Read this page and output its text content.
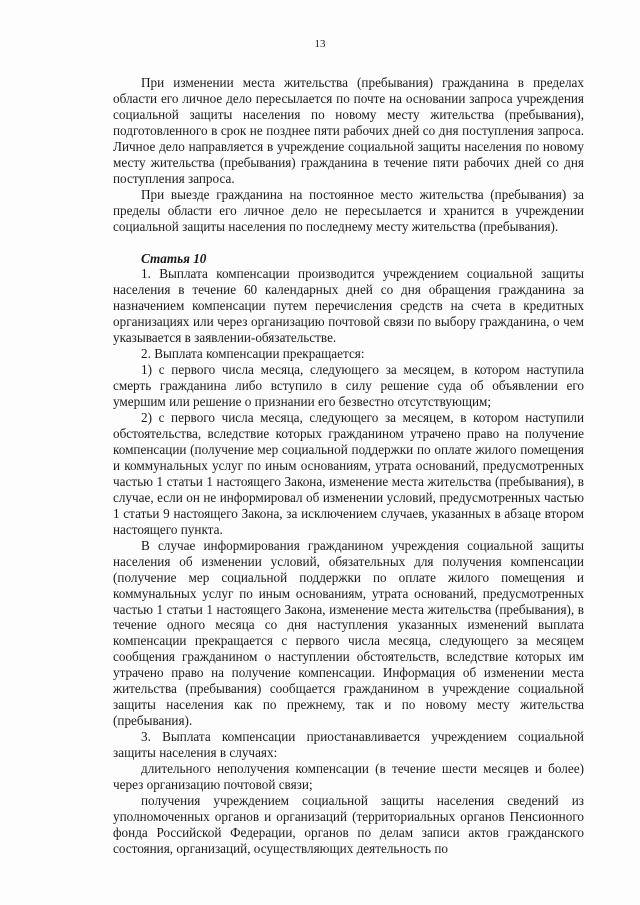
13

При изменении места жительства (пребывания) гражданина в пределах области его личное дело пересылается по почте на основании запроса учреждения социальной защиты населения по новому месту жительства (пребывания), подготовленного в срок не позднее пяти рабочих дней со дня поступления запроса. Личное дело направляется в учреждение социальной защиты населения по новому месту жительства (пребывания) гражданина в течение пяти рабочих дней со дня поступления запроса.

При выезде гражданина на постоянное место жительства (пребывания) за пределы области его личное дело не пересылается и хранится в учреждении социальной защиты населения по последнему месту жительства (пребывания).

Статья 10

1. Выплата компенсации производится учреждением социальной защиты населения в течение 60 календарных дней со дня обращения гражданина за назначением компенсации путем перечисления средств на счета в кредитных организациях или через организацию почтовой связи по выбору гражданина, о чем указывается в заявлении-обязательстве.

2. Выплата компенсации прекращается:

1) с первого числа месяца, следующего за месяцем, в котором наступила смерть гражданина либо вступило в силу решение суда об объявлении его умершим или решение о признании его безвестно отсутствующим;

2) с первого числа месяца, следующего за месяцем, в котором наступили обстоятельства, вследствие которых гражданином утрачено право на получение компенсации (получение мер социальной поддержки по оплате жилого помещения и коммунальных услуг по иным основаниям, утрата оснований, предусмотренных частью 1 статьи 1 настоящего Закона, изменение места жительства (пребывания), в случае, если он не информировал об изменении условий, предусмотренных частью 1 статьи 9 настоящего Закона, за исключением случаев, указанных в абзаце втором настоящего пункта.

В случае информирования гражданином учреждения социальной защиты населения об изменении условий, обязательных для получения компенсации (получение мер социальной поддержки по оплате жилого помещения и коммунальных услуг по иным основаниям, утрата оснований, предусмотренных частью 1 статьи 1 настоящего Закона, изменение места жительства (пребывания), в течение одного месяца со дня наступления указанных изменений выплата компенсации прекращается с первого числа месяца, следующего за месяцем сообщения гражданином о наступлении обстоятельств, вследствие которых им утрачено право на получение компенсации. Информация об изменении места жительства (пребывания) сообщается гражданином в учреждение социальной защиты населения как по прежнему, так и по новому месту жительства (пребывания).

3. Выплата компенсации приостанавливается учреждением социальной защиты населения в случаях:

длительного неполучения компенсации (в течение шести месяцев и более) через организацию почтовой связи;

получения учреждением социальной защиты населения сведений из уполномоченных органов и организаций (территориальных органов Пенсионного фонда Российской Федерации, органов по делам записи актов гражданского состояния, организаций, осуществляющих деятельность по
